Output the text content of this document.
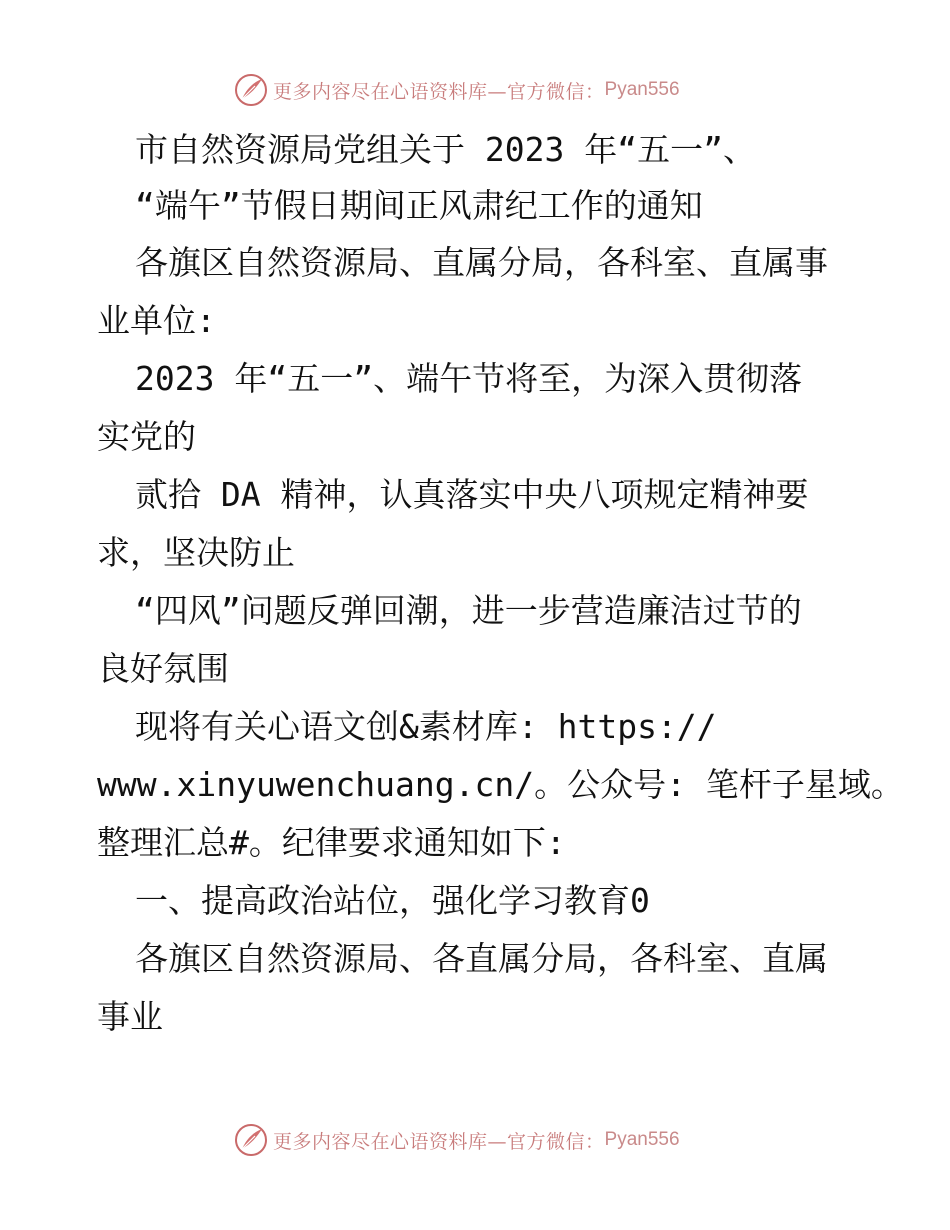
更多内容尽在心语资料库—官方微信： Pyan556
市自然资源局党组关于 2023 年“五一”、
“端午”节假日期间正风肃纪工作的通知
各旗区自然资源局、直属分局，各科室、直属事
业单位:
2023 年“五一”、端午节将至，为深入贯彻落
实党的
贰拾 DA 精神，认真落实中央八项规定精神要
求，坚决防止
“四风”问题反弹回潮，进一步营造廉洁过节的
良好氛围
现将有关心语文创&素材库: https://
www.xinyuwenchuang.cn/。公众号: 笔杆子星域。
整理汇总#。纪律要求通知如下:
一、提高政治站位，强化学习教育0
各旗区自然资源局、各直属分局，各科室、直属
事业
更多内容尽在心语资料库—官方微信： Pyan556
